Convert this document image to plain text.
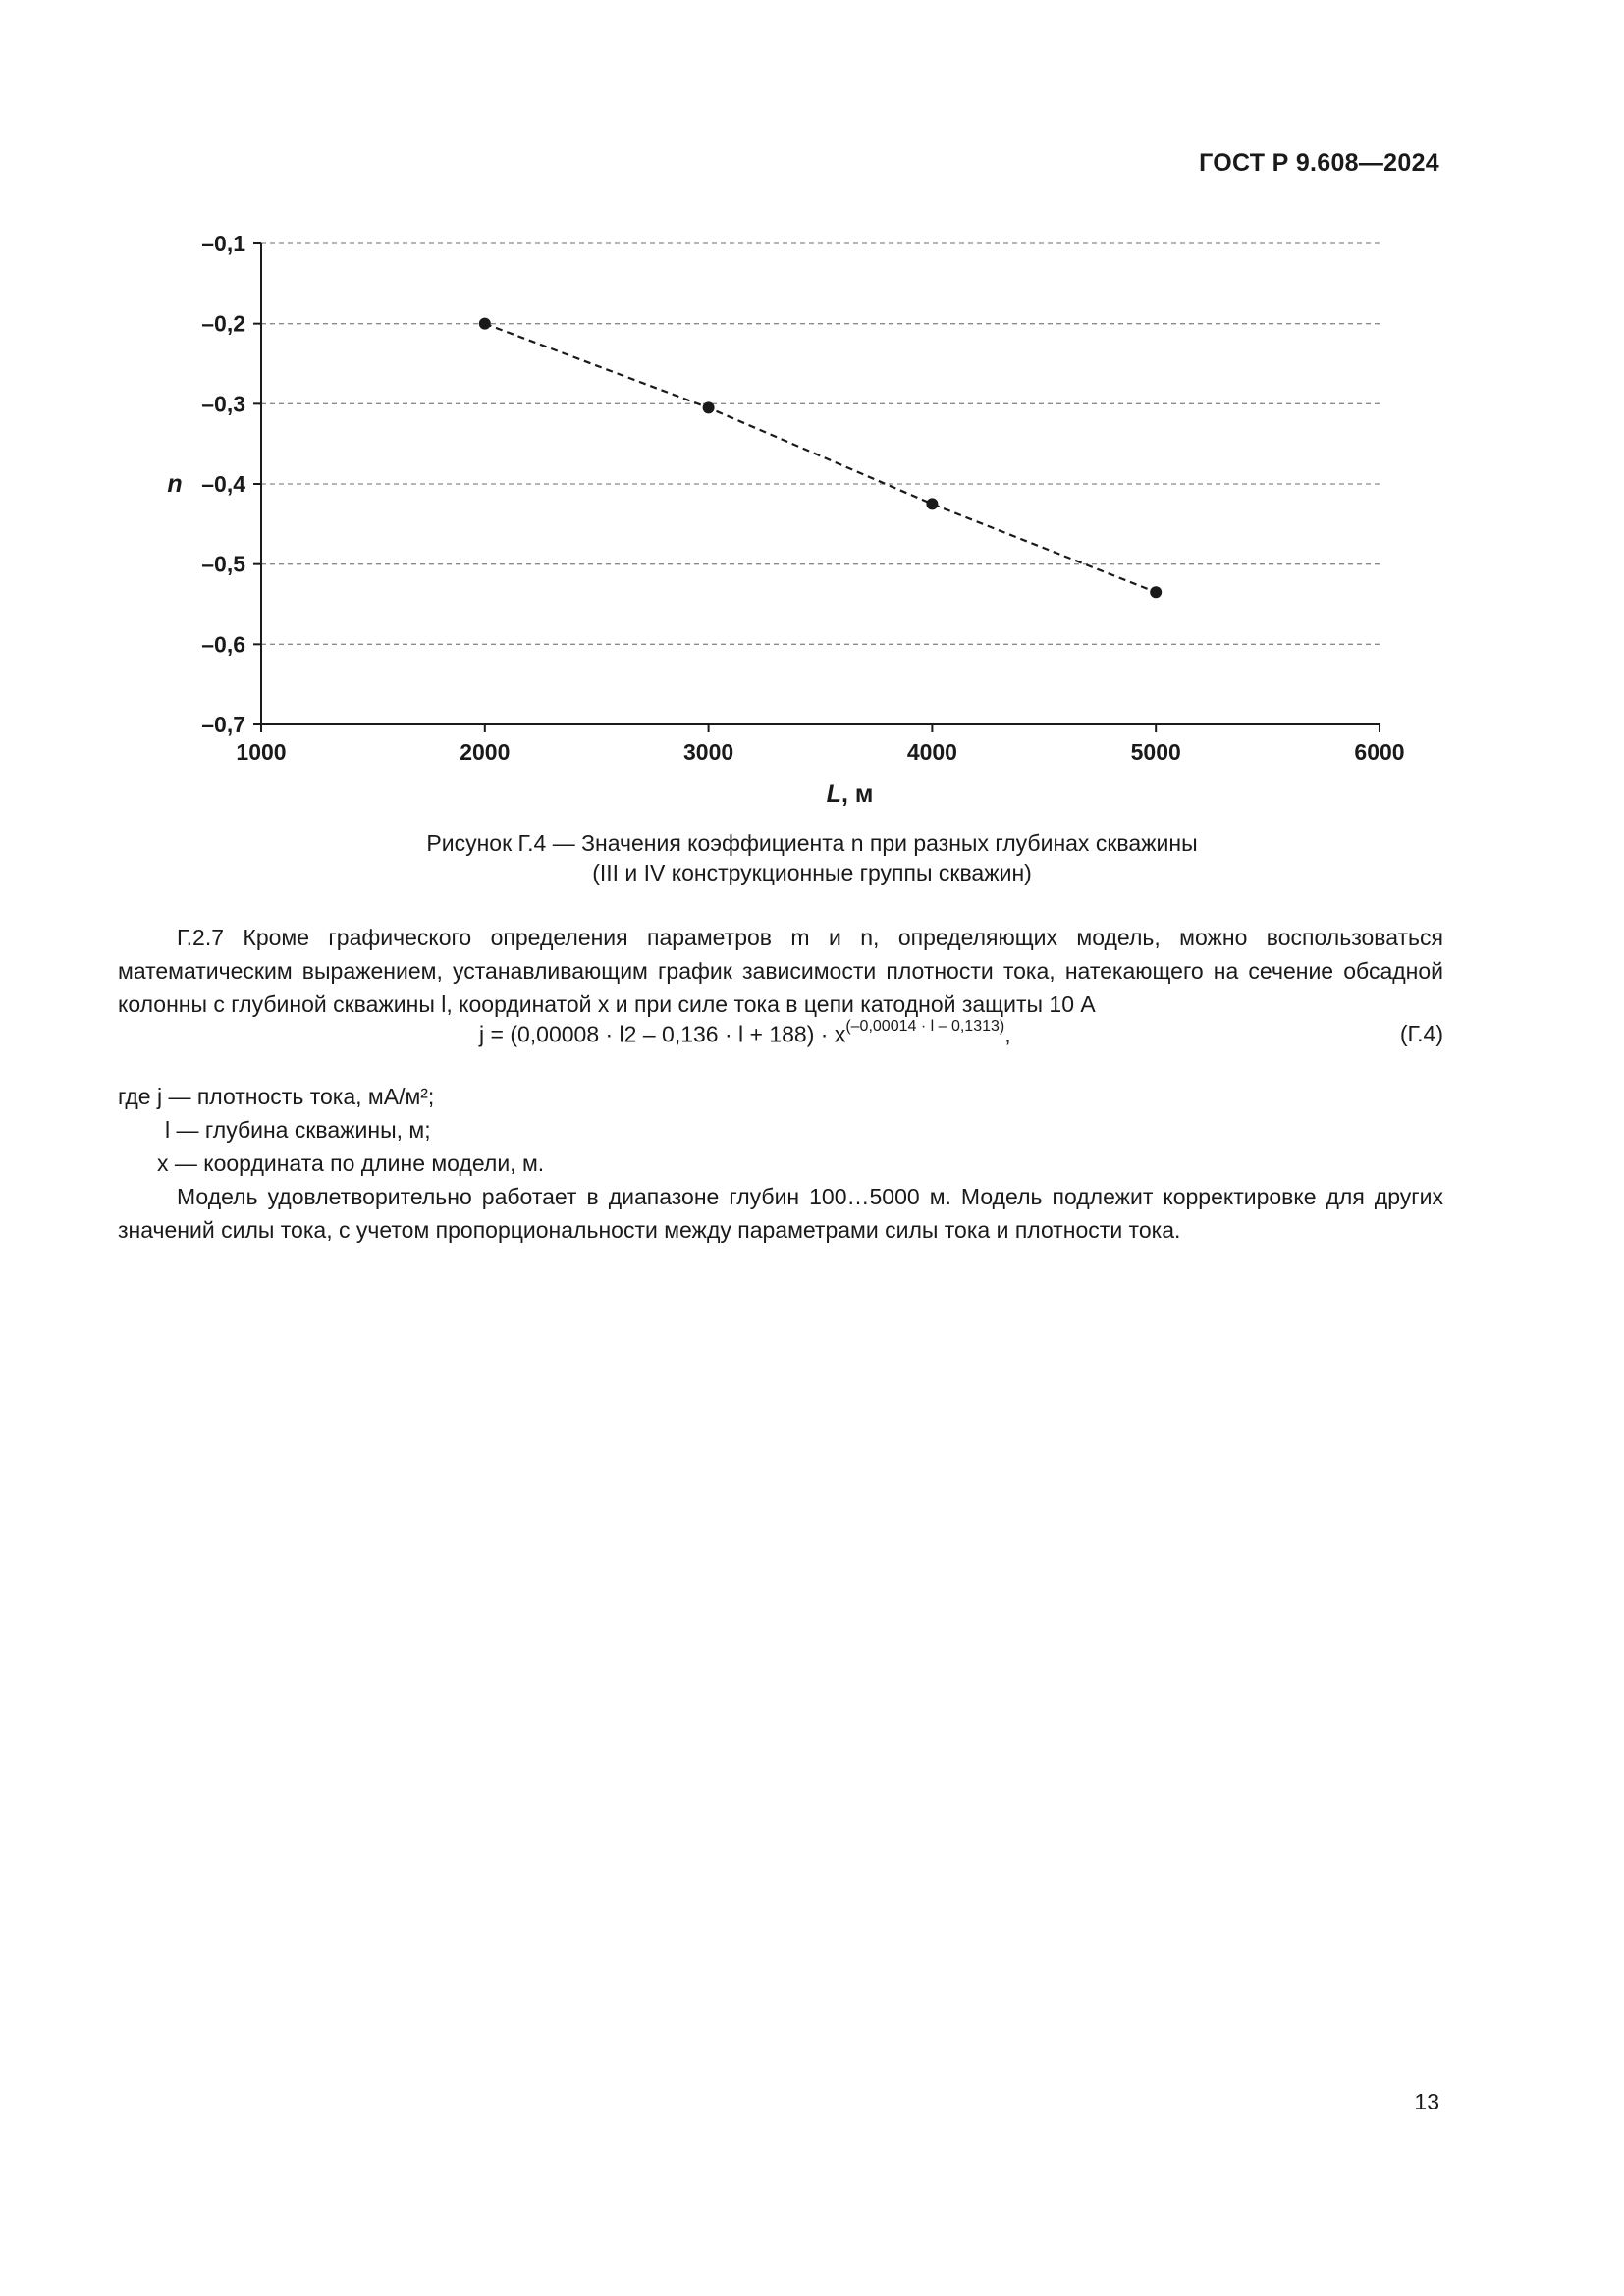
ГОСТ Р 9.608—2024
–0,1
–0,2
–0,3
–0,4
–0,5
–0,6
–0,7
1000	2000	3000	4000	5000	6000
n
L, м
Рисунок Г.4 — Значения коэффициента n при разных глубинах скважины
(III и IV конструкционные группы скважин)

Г.2.7 Кроме графического определения параметров m и n, определяющих модель, можно воспользоваться математическим выражением, устанавливающим график зависимости плотности тока, натекающего на сечение обсадной колонны с глубиной скважины l, координатой x и при силе тока в цепи катодной защиты 10 А

$j = (0,00008 \cdot l2 - 0,136 \cdot l + 188) \cdot x^{(-0,00014 \cdot l - 0,1313)}$,	(Г.4)
где j — плотность тока, мА/м²;
l — глубина скважины, м;
x — координата по длине модели, м.

Модель удовлетворительно работает в диапазоне глубин 100…5000 м. Модель подлежит корректировке для других значений силы тока, с учетом пропорциональности между параметрами силы тока и плотности тока.

13
